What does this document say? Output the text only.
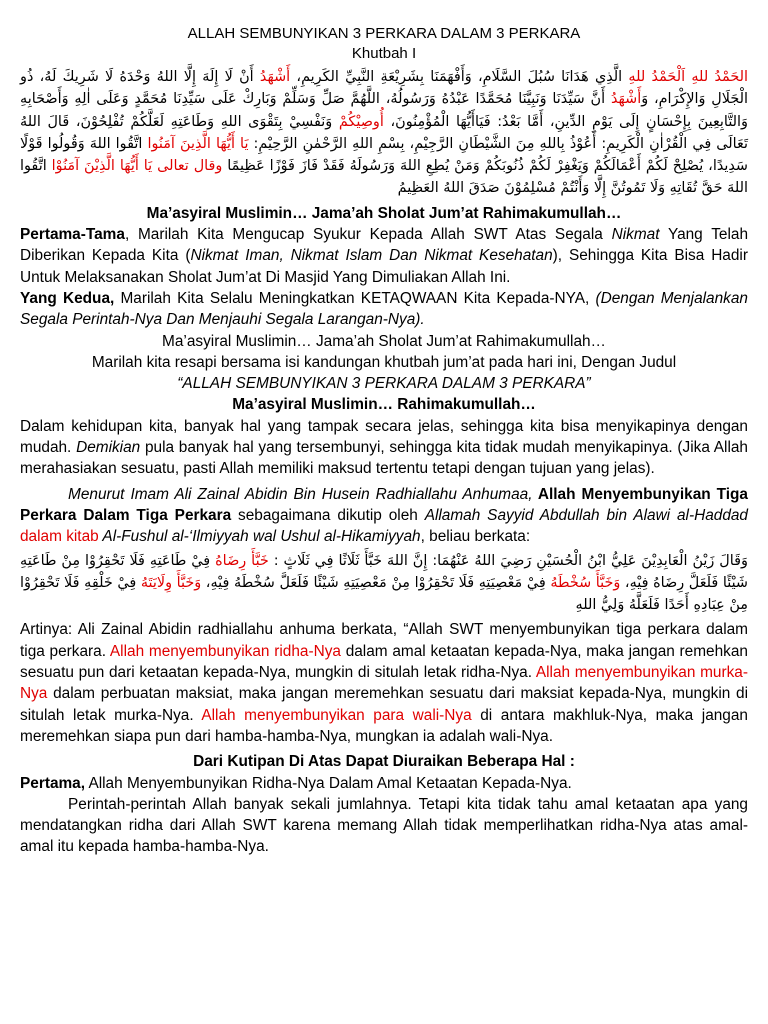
ALLAH SEMBUNYIKAN 3 PERKARA DALAM 3 PERKARA

Khutbah I

الحَمْدُ للهِ اَلْحَمْدُ للهِ الَّذِي هَدَانَا سُبُلَ السَّلَامِ، وَأَفْهَمَنَا بِشَرِيْعَةِ النَّبِيِّ الكَرِيمِ، أَشْهَدُ أَنْ لَا إِلَهَ إِلَّا اللهُ وَحْدَهُ لَا شَرِيكَ لَهُ، ذُو الْجَلَالِ وَالإِكْرَامِ، وَأَشْهَدُ أَنَّ سَيِّدَنَا وَنَبِيَّنَا مُحَمَّدًا عَبْدُهُ وَرَسُولُهُ، اللَّهُمَّ صَلِّ وَسَلِّمْ وَبَارِكْ عَلَى سَيِّدِنَا مُحَمَّدٍ وَعَلَى اٰلِهِ وَأَصْحَابِهِ وَالتَّابِعِينَ بِإِحْسَانٍ إِلَى يَوْمِ الدِّينِ، أَمَّا بَعْدُ: فَيَاأَيُّهَا الْمُؤْمِنُونَ، أُوصِيْكُمْ وَنَفْسِيْ بِتَقْوَى اللهِ وَطَاعَتِهِ لَعَلَّكُمْ تُفْلِحُوْنَ، قَالَ اللهُ تَعَالَى فِي الْقُرْاٰنِ الْكَرِيمِ: أَعُوْذُ بِاللهِ مِنَ الشَّيْطَانِ الرَّجِيْمِ، بِسْمِ اللهِ الرَّحْمٰنِ الرَّحِيْمِ: يَا أَيُّهَا الَّذِينَ آمَنُوا اتَّقُوا اللهَ وَقُولُوا قَوْلًا سَدِيدًا، يُصْلِحْ لَكُمْ أَعْمَالَكُمْ وَيَغْفِرْ لَكُمْ ذُنُوبَكُمْ وَمَنْ يُطِعِ اللهَ وَرَسُولَهُ فَقَدْ فَازَ فَوْزًا عَظِيمًا وقال تعالى يَا أَيُّهَا الَّذِيْنَ آمَنُوْا اتَّقُوا اللهَ حَقَّ تُقَاتِهِ وَلَا تَمُوتُنَّ إِلَّا وَأَنْتُمْ مُسْلِمُوْنَ صَدَقَ اللهُ العَظِيمُ

Ma’asyiral Muslimin… Jama’ah Sholat Jum’at Rahimakumullah…

Pertama-Tama, Marilah Kita Mengucap Syukur Kepada Allah SWT Atas Segala Nikmat Yang Telah Diberikan Kepada Kita (Nikmat Iman, Nikmat Islam Dan Nikmat Kesehatan), Sehingga Kita Bisa Hadir Untuk Melaksanakan Sholat Jum’at Di Masjid Yang Dimuliakan Allah Ini.

Yang Kedua, Marilah Kita Selalu Meningkatkan KETAQWAAN Kita Kepada-NYA, (Dengan Menjalankan Segala Perintah-Nya Dan Menjauhi Segala Larangan-Nya).

Ma’asyiral Muslimin… Jama’ah Sholat Jum’at Rahimakumullah…

Marilah kita resapi bersama isi kandungan khutbah jum’at pada hari ini, Dengan Judul

“ALLAH SEMBUNYIKAN 3 PERKARA DALAM 3 PERKARA”

Ma’asyiral Muslimin… Rahimakumullah…

Dalam kehidupan kita, banyak hal yang tampak secara jelas, sehingga kita bisa menyikapinya dengan mudah. Demikian pula banyak hal yang tersembunyi, sehingga kita tidak mudah menyikapinya. (Jika Allah merahasiakan sesuatu, pasti Allah memiliki maksud tertentu tetapi dengan tujuan yang jelas).

Menurut Imam Ali Zainal Abidin Bin Husein Radhiallahu Anhumaa, Allah Menyembunyikan Tiga Perkara Dalam Tiga Perkara sebagaimana dikutip oleh Allamah Sayyid Abdullah bin Alawi al-Haddad dalam kitab Al-Fushul al-‘Ilmiyyah wal Ushul al-Hikamiyyah, beliau berkata:

وَقَالَ زَيْنُ الْعَابِدِيْنَ عَلِيُّ ابْنُ الْحُسَيْنِ رَضِيَ اللهُ عَنْهُمَا: إِنَّ اللهَ خَبَّأَ ثَلَاثًا فِي ثَلَاثٍ : خَبَّأَ رِضَاهُ فِيْ طَاعَتِهِ فَلَا تَحْقِرُوْا مِنْ طَاعَتِهِ شَيْئًا فَلَعَلَّ رِضَاهُ فِيْهِ، وَخَبَّأَ سُخْطَهُ فِيْ مَعْصِيَتِهِ فَلَا تَحْقِرُوْا مِنْ مَعْصِيَتِهِ شَيْئًا فَلَعَلَّ سُخْطَهُ فِيْهِ، وَخَبَّأَ وِلَايَتَهُ فِيْ خَلْقِهِ فَلَا تَحْقِرُوْا مِنْ عِبَادِهِ أَحَدًا فَلَعَلَّهُ وَلِيُّ اللهِ

Artinya: Ali Zainal Abidin radhiallahu anhuma berkata, “Allah SWT menyembunyikan tiga perkara dalam tiga perkara. Allah menyembunyikan ridha-Nya dalam amal ketaatan kepada-Nya, maka jangan remehkan sesuatu pun dari ketaatan kepada-Nya, mungkin di situlah letak ridha-Nya. Allah menyembunyikan murka-Nya dalam perbuatan maksiat, maka jangan meremehkan sesuatu dari maksiat kepada-Nya, mungkin di situlah letak murka-Nya. Allah menyembunyikan para wali-Nya di antara makhluk-Nya, maka jangan meremehkan siapa pun dari hamba-hamba-Nya, mungkan ia adalah wali-Nya.

Dari Kutipan Di Atas Dapat Diuraikan Beberapa Hal :

Pertama, Allah Menyembunyikan Ridha-Nya Dalam Amal Ketaatan Kepada-Nya.

Perintah-perintah Allah banyak sekali jumlahnya. Tetapi kita tidak tahu amal ketaatan apa yang mendatangkan ridha dari Allah SWT karena memang Allah tidak memperlihatkan ridha-Nya atas amal-amal itu kepada hamba-hamba-Nya.
